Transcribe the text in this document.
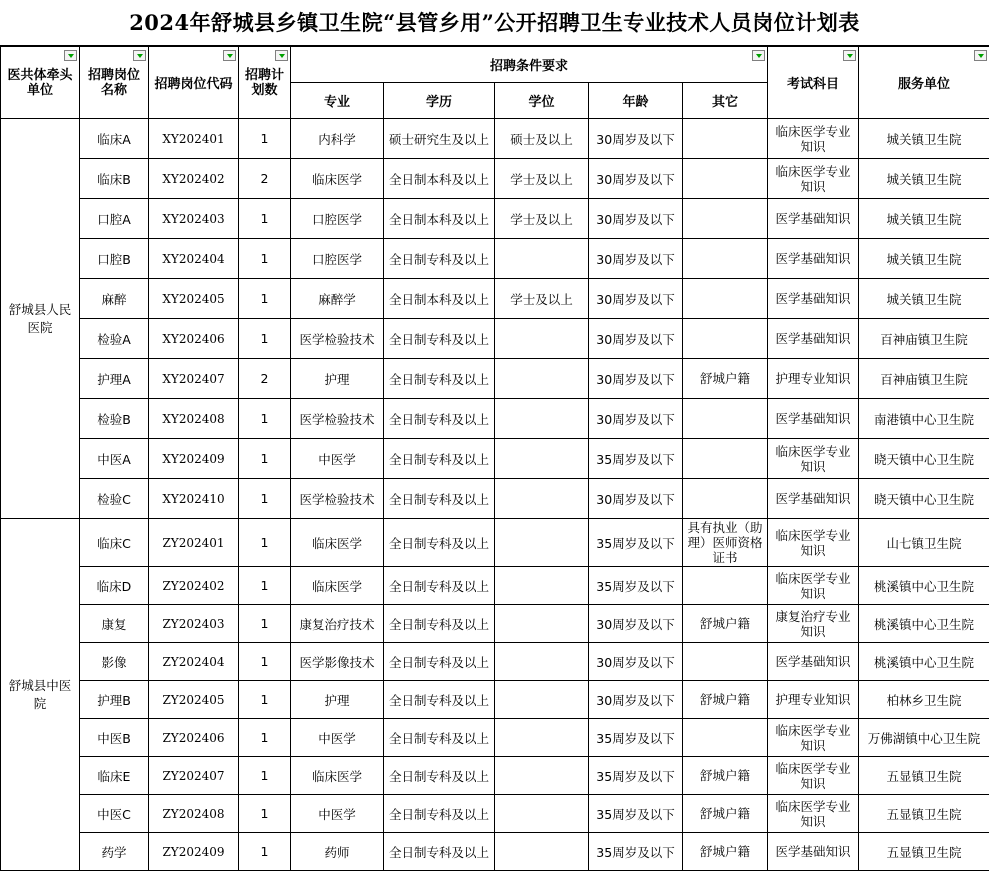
2024年舒城县乡镇卫生院“县管乡用”公开招聘卫生专业技术人员岗位计划表
医共体牵头单位	招聘岗位名称	招聘岗位代码	招聘计划数	招聘条件要求					考试科目	服务单位

				专业	学历	学位	年龄	其它		
舒城县人民医院	临床A	XY202401	1	内科学	硕士研究生及以上	硕士及以上	30周岁及以下		临床医学专业知识	城关镇卫生院
	临床B	XY202402	2	临床医学	全日制本科及以上	学士及以上	30周岁及以下		临床医学专业知识	城关镇卫生院
	口腔A	XY202403	1	口腔医学	全日制本科及以上	学士及以上	30周岁及以下		医学基础知识	城关镇卫生院
	口腔B	XY202404	1	口腔医学	全日制专科及以上		30周岁及以下		医学基础知识	城关镇卫生院
	麻醉	XY202405	1	麻醉学	全日制本科及以上	学士及以上	30周岁及以下		医学基础知识	城关镇卫生院
	检验A	XY202406	1	医学检验技术	全日制专科及以上		30周岁及以下		医学基础知识	百神庙镇卫生院
	护理A	XY202407	2	护理	全日制专科及以上		30周岁及以下	舒城户籍	护理专业知识	百神庙镇卫生院
	检验B	XY202408	1	医学检验技术	全日制专科及以上		30周岁及以下		医学基础知识	南港镇中心卫生院
	中医A	XY202409	1	中医学	全日制专科及以上		35周岁及以下		临床医学专业知识	晓天镇中心卫生院
	检验C	XY202410	1	医学检验技术	全日制专科及以上		30周岁及以下		医学基础知识	晓天镇中心卫生院
舒城县中医院	临床C	ZY202401	1	临床医学	全日制专科及以上		35周岁及以下	具有执业（助理）医师资格证书	临床医学专业知识	山七镇卫生院
	临床D	ZY202402	1	临床医学	全日制专科及以上		35周岁及以下		临床医学专业知识	桃溪镇中心卫生院
	康复	ZY202403	1	康复治疗技术	全日制专科及以上		30周岁及以下	舒城户籍	康复治疗专业知识	桃溪镇中心卫生院
	影像	ZY202404	1	医学影像技术	全日制专科及以上		30周岁及以下		医学基础知识	桃溪镇中心卫生院
	护理B	ZY202405	1	护理	全日制专科及以上		30周岁及以下	舒城户籍	护理专业知识	柏林乡卫生院
	中医B	ZY202406	1	中医学	全日制专科及以上		35周岁及以下		临床医学专业知识	万佛湖镇中心卫生院
	临床E	ZY202407	1	临床医学	全日制专科及以上		35周岁及以下	舒城户籍	临床医学专业知识	五显镇卫生院
	中医C	ZY202408	1	中医学	全日制专科及以上		35周岁及以下	舒城户籍	临床医学专业知识	五显镇卫生院
	药学	ZY202409	1	药师	全日制专科及以上		35周岁及以下	舒城户籍	医学基础知识	五显镇卫生院
